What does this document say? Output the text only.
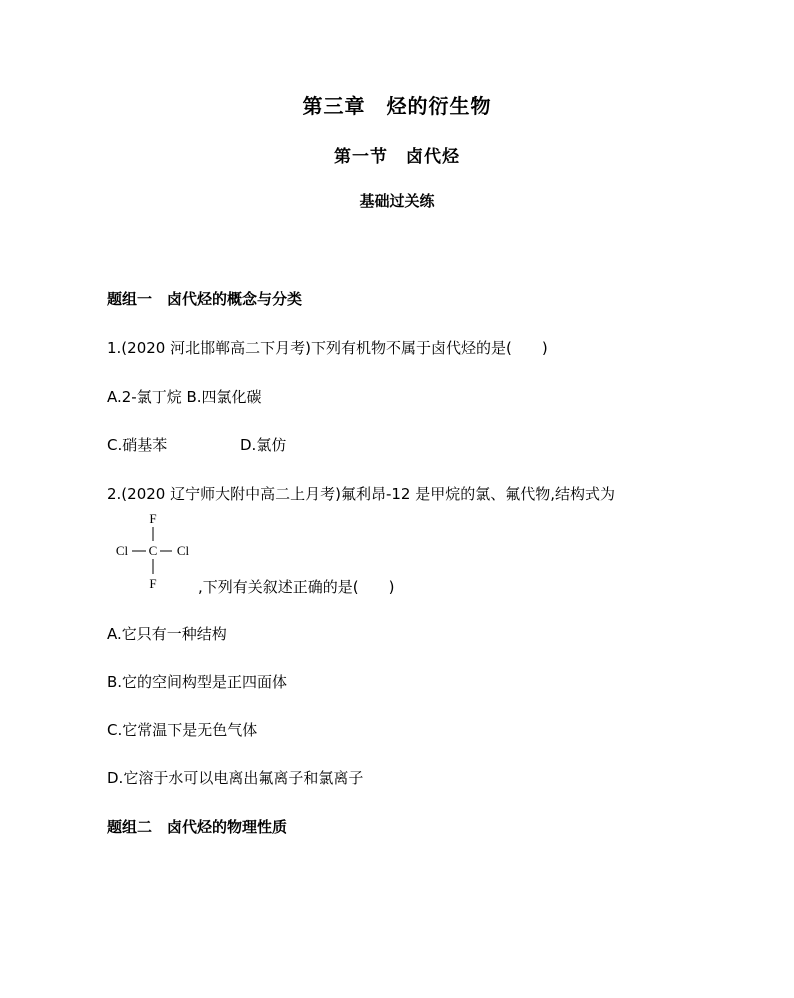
第三章　烃的衍生物
第一节　卤代烃
基础过关练
题组一　卤代烃的概念与分类
1.(2020 河北邯郸高二下月考)下列有机物不属于卤代烃的是( )
A.2-氯丁烷 B.四氯化碳
C.硝基苯	D.氯仿
2.(2020 辽宁师大附中高二上月考)氟利昂-12 是甲烷的氯、氟代物,结构式为
F
Cl C Cl
F	,下列有关叙述正确的是( )
A.它只有一种结构
B.它的空间构型是正四面体
C.它常温下是无色气体
D.它溶于水可以电离出氟离子和氯离子
题组二　卤代烃的物理性质
